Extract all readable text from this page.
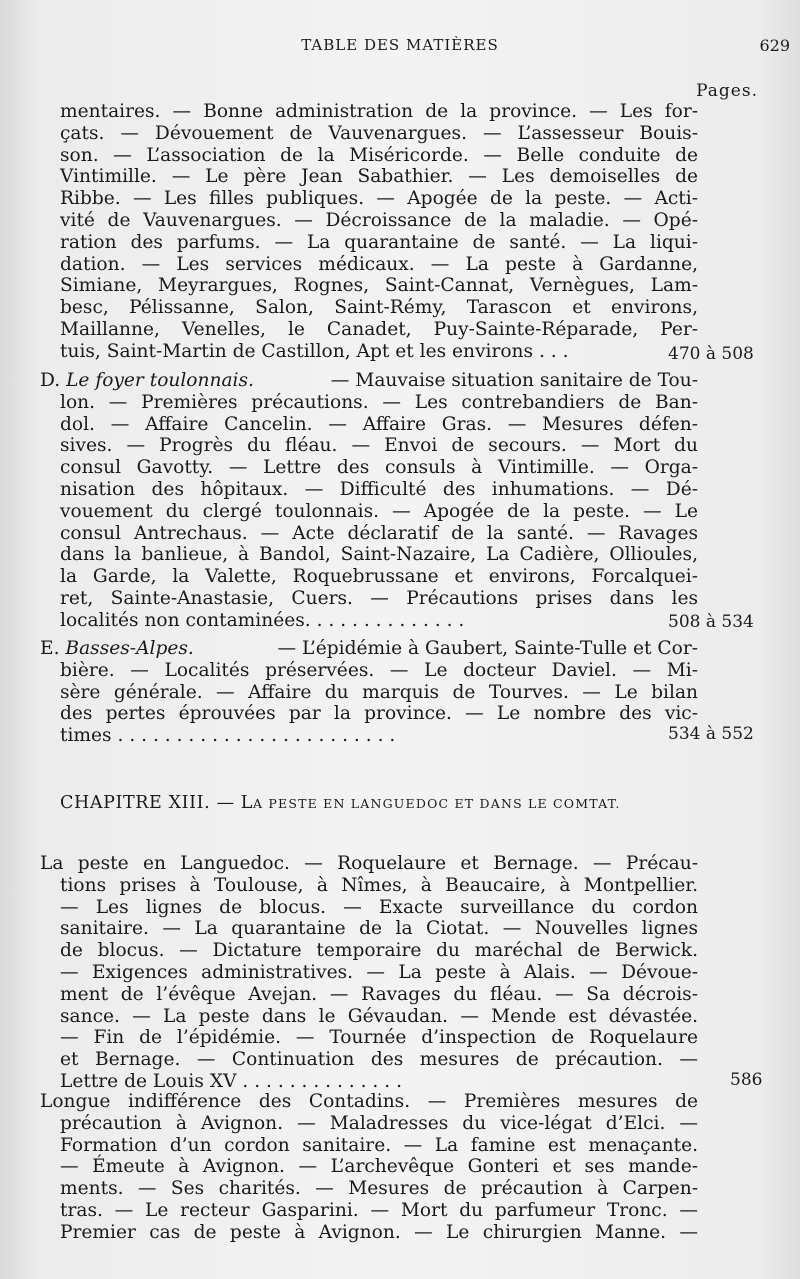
TABLE DES MATIÈRES	629
Pages.
mentaires. — Bonne administration de la province. — Les for-
çats. — Dévouement de Vauvenargues. — L’assesseur Bouis-
son. — L’association de la Miséricorde. — Belle conduite de
Vintimille. — Le père Jean Sabathier. — Les demoiselles de
Ribbe. — Les filles publiques. — Apogée de la peste. — Acti-
vité de Vauvenargues. — Décroissance de la maladie. — Opé-
ration des parfums. — La quarantaine de santé. — La liqui-
dation. — Les services médicaux. — La peste à Gardanne,
Simiane, Meyrargues, Rognes, Saint-Cannat, Vernègues, Lam-
besc, Pélissanne, Salon, Saint-Rémy, Tarascon et environs,
Maillanne, Venelles, le Canadet, Puy-Sainte-Réparade, Per-
tuis, Saint-Martin de Castillon, Apt et les environs . . .	470 à 508
D. Le foyer toulonnais.	— Mauvaise situation sanitaire de Tou-
lon. — Premières précautions. — Les contrebandiers de Ban-
dol. — Affaire Cancelin. — Affaire Gras. — Mesures défen-
sives. — Progrès du fléau. — Envoi de secours. — Mort du
consul Gavotty. — Lettre des consuls à Vintimille. — Orga-
nisation des hôpitaux. — Difficulté des inhumations. — Dé-
vouement du clergé toulonnais. — Apogée de la peste. — Le
consul Antrechaus. — Acte déclaratif de la santé. — Ravages
dans la banlieue, à Bandol, Saint-Nazaire, La Cadière, Ollioules,
la Garde, la Valette, Roquebrussane et environs, Forcalquei-
ret, Sainte-Anastasie, Cuers. — Précautions prises dans les
localités non contaminées. . . . . . . . . . . . . .	508 à 534
E. Basses-Alpes.	— L’épidémie à Gaubert, Sainte-Tulle et Cor-
bière. — Localités préservées. — Le docteur Daviel. — Mi-
sère générale. — Affaire du marquis de Tourves. — Le bilan
des pertes éprouvées par la province. — Le nombre des vic-
times . . . . . . . . . . . . . . . . . . . . . . . .	534 à 552
CHAPITRE XIII. — LA PESTE EN LANGUEDOC ET DANS LE COMTAT.
La peste en Languedoc. — Roquelaure et Bernage. — Précau-
tions prises à Toulouse, à Nîmes, à Beaucaire, à Montpellier.
— Les lignes de blocus. — Exacte surveillance du cordon
sanitaire. — La quarantaine de la Ciotat. — Nouvelles lignes
de blocus. — Dictature temporaire du maréchal de Berwick.
— Exigences administratives. — La peste à Alais. — Dévoue-
ment de l’évêque Avejan. — Ravages du fléau. — Sa décrois-
sance. — La peste dans le Gévaudan. — Mende est dévastée.
— Fin de l’épidémie. — Tournée d’inspection de Roquelaure
et Bernage. — Continuation des mesures de précaution. —
Lettre de Louis XV . . . . . . . . . . . . . .	586
Longue indifférence des Contadins. — Premières mesures de
précaution à Avignon. — Maladresses du vice-légat d’Elci. —
Formation d’un cordon sanitaire. — La famine est menaçante.
— Émeute à Avignon. — L’archevêque Gonteri et ses mande-
ments. — Ses charités. — Mesures de précaution à Carpen-
tras. — Le recteur Gasparini. — Mort du parfumeur Tronc. —
Premier cas de peste à Avignon. — Le chirurgien Manne. —
